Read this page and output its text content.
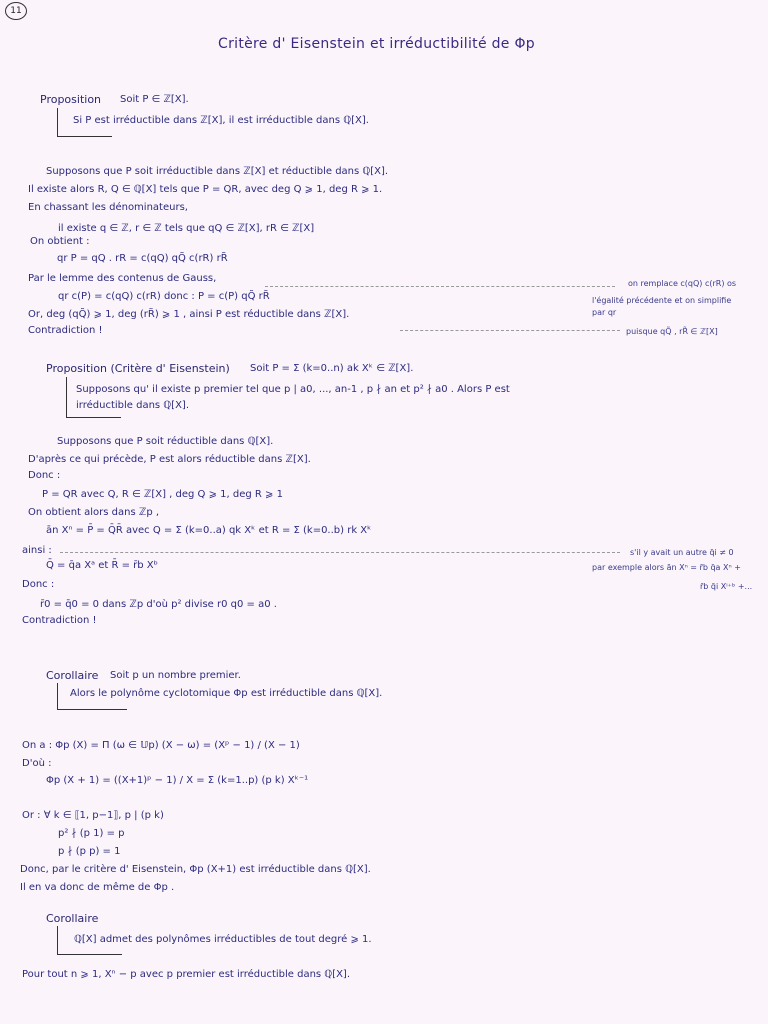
11
Critère d' Eisenstein et irréductibilité de Φp
Proposition Soit P ∈ ℤ[X].
Si P est irréductible dans ℤ[X], il est irréductible dans ℚ[X].
Supposons que P soit irréductible dans ℤ[X] et réductible dans ℚ[X].
Il existe alors R, Q ∈ ℚ[X] tels que P = QR, avec deg Q ⩾ 1, deg R ⩾ 1.
En chassant les dénominateurs,
il existe q ∈ ℤ, r ∈ ℤ tels que qQ ∈ ℤ[X], rR ∈ ℤ[X]
On obtient :
qr P = qQ . rR = c(qQ) qQ̃ c(rR) rR̃
Par le lemme des contenus de Gauss,
qr c(P) = c(qQ) c(rR) donc : P = c(P) qQ̃ rR̃
Or, deg (qQ̃) ⩾ 1, deg (rR̃) ⩾ 1 , ainsi P est réductible dans ℤ[X].
Contradiction !
on remplace c(qQ) c(rR) os
l'égalité précédente et on simplifie
par qr
puisque qQ̃ , rR̃ ∈ ℤ[X]
Proposition (Critère d' Eisenstein) Soit P = Σ (k=0..n) ak Xᵏ ∈ ℤ[X].
Supposons qu' il existe p premier tel que p | a0, ..., an-1 , p ∤ an et p² ∤ a0 . Alors P est
irréductible dans ℚ[X].
Supposons que P soit réductible dans ℚ[X].
D'après ce qui précède, P est alors réductible dans ℤ[X].
Donc :
P = QR avec Q, R ∈ ℤ[X] , deg Q ⩾ 1, deg R ⩾ 1
On obtient alors dans ℤp ,
ān Xⁿ = P̄ = Q̄R̄ avec Q = Σ (k=0..a) qk Xᵏ et R = Σ (k=0..b) rk Xᵏ
ainsi :
Q̄ = q̄a Xᵃ et R̄ = r̄b Xᵇ
Donc :
r̄0 = q̄0 = 0 dans ℤp d'où p² divise r0 q0 = a0 .
Contradiction !
s'il y avait un autre q̄i ≠ 0
par exemple alors ān Xⁿ = r̄b q̄a Xⁿ +
r̄b q̄i Xⁱ⁺ᵇ +...
Corollaire Soit p un nombre premier.
Alors le polynôme cyclotomique Φp est irréductible dans ℚ[X].
On a : Φp (X) = Π (ω ∈ 𝕌p) (X − ω) = (Xᵖ − 1) / (X − 1)
D'où :
Φp (X + 1) = ((X+1)ᵖ − 1) / X = Σ (k=1..p) (p k) Xᵏ⁻¹
Or : ∀ k ∈ ⟦1, p−1⟧, p | (p k)
p² ∤ (p 1) = p
p ∤ (p p) = 1
Donc, par le critère d' Eisenstein, Φp (X+1) est irréductible dans ℚ[X].
Il en va donc de même de Φp .
Corollaire
ℚ[X] admet des polynômes irréductibles de tout degré ⩾ 1.
Pour tout n ⩾ 1, Xⁿ − p avec p premier est irréductible dans ℚ[X].
